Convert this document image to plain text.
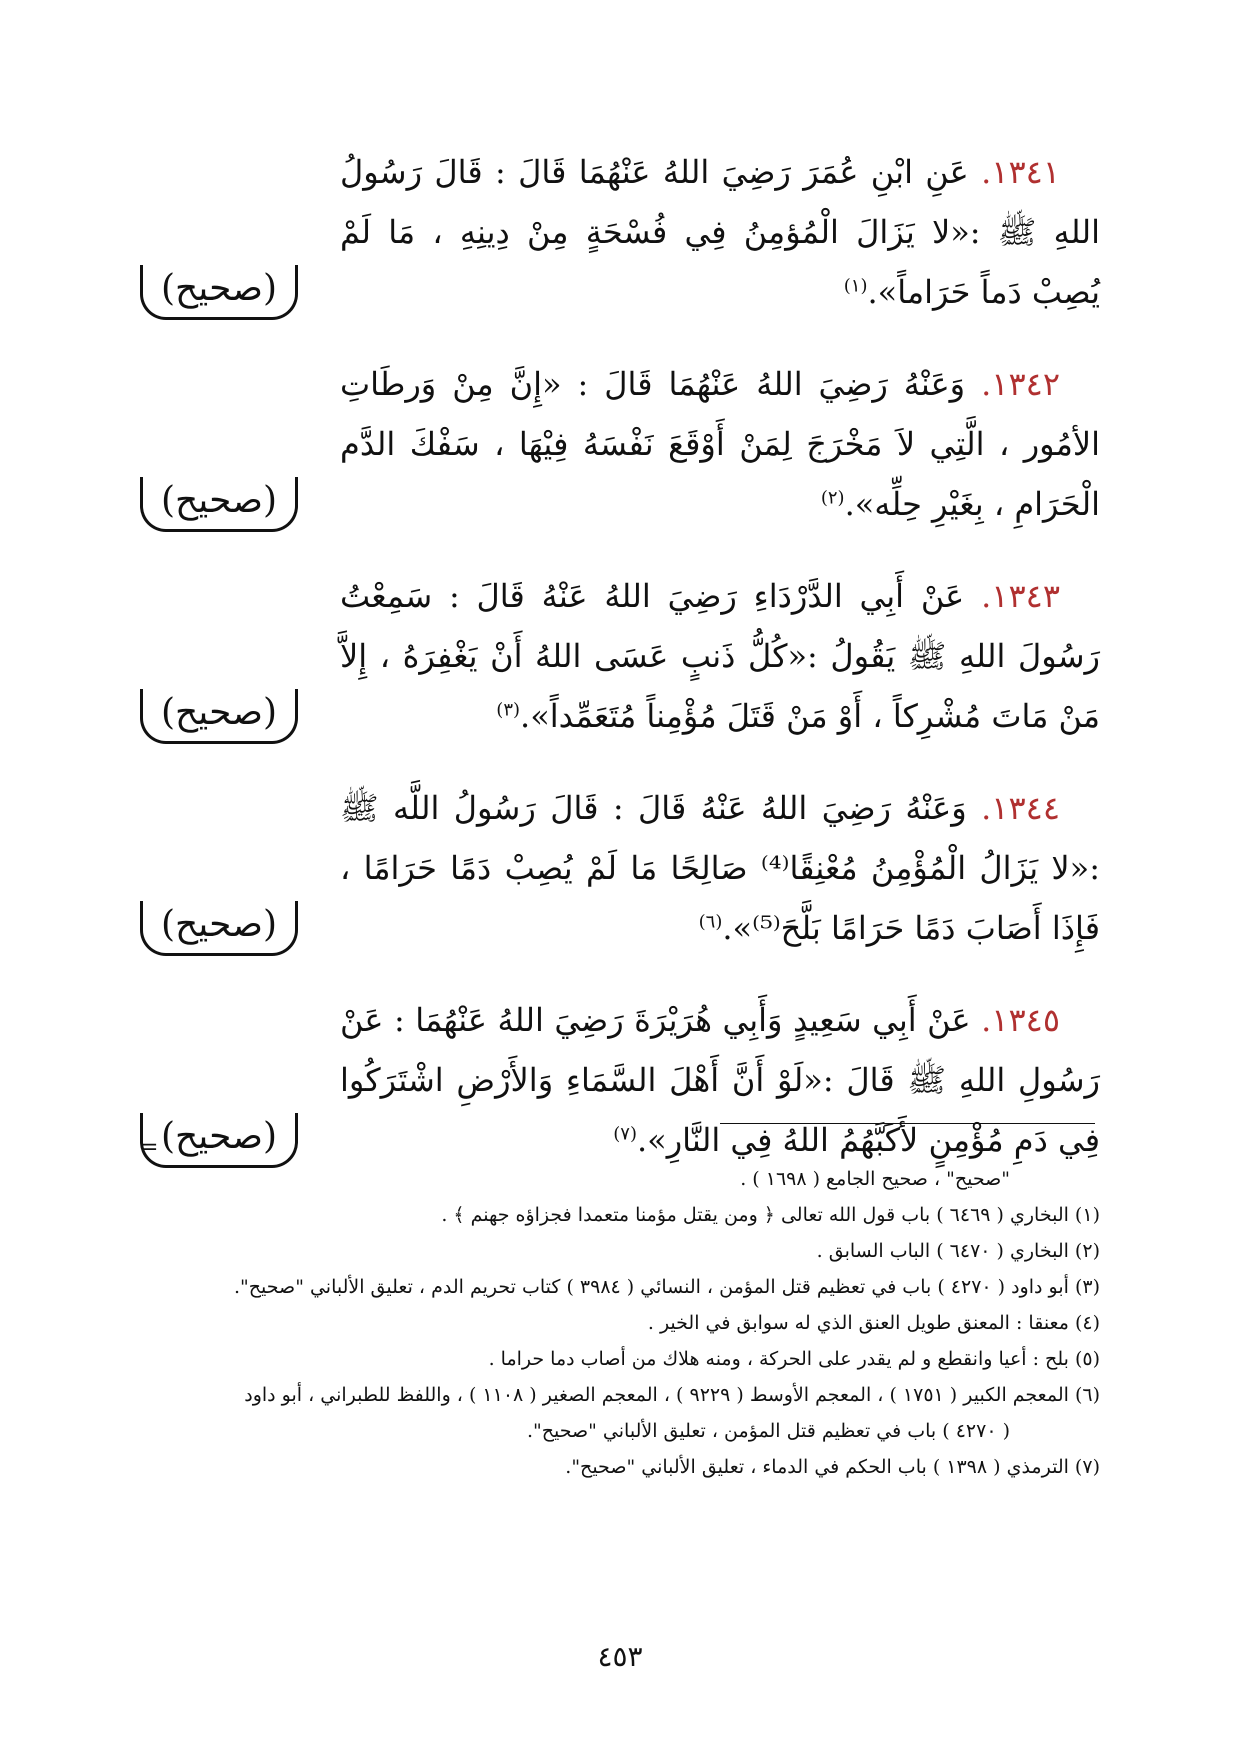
١٣٤١. عَنِ ابْنِ عُمَرَ رَضِيَ اللهُ عَنْهُمَا قَالَ : قَالَ رَسُولُ اللهِ ﷺ :«لا يَزَالَ الْمُؤمِنُ فِي فُسْحَةٍ مِنْ دِينِهِ ، مَا لَمْ يُصِبْ دَماً حَرَاماً».$^{(١)}$
(صحيح)

١٣٤٢. وَعَنْهُ رَضِيَ اللهُ عَنْهُمَا قَالَ : «إِنَّ مِنْ وَرطَاتِ الأمُور ، الَّتِي لاَ مَخْرَجَ لِمَنْ أَوْقَعَ نَفْسَهُ فِيْهَا ، سَفْكَ الدَّم الْحَرَامِ ، بِغَيْرِ حِلِّه».$^{(٢)}$
(صحيح)

١٣٤٣. عَنْ أَبِي الدَّرْدَاءِ رَضِيَ اللهُ عَنْهُ قَالَ : سَمِعْتُ رَسُولَ اللهِ ﷺ يَقُولُ :«كُلُّ ذَنبٍ عَسَى اللهُ أَنْ يَغْفِرَهُ ، إِلاَّ مَنْ مَاتَ مُشْرِكاً ، أَوْ مَنْ قَتَلَ مُؤْمِناً مُتَعَمِّداً».$^{(٣)}$
(صحيح)

١٣٤٤. وَعَنْهُ رَضِيَ اللهُ عَنْهُ قَالَ : قَالَ رَسُولُ اللَّه ﷺ :«لا يَزَالُ الْمُؤْمِنُ مُعْنِقًا⁽⁴⁾ صَالِحًا مَا لَمْ يُصِبْ دَمًا حَرَامًا ، فَإِذَا أَصَابَ دَمًا حَرَامًا بَلَّحَ⁽⁵⁾».$^{(٦)}$
(صحيح)

١٣٤٥. عَنْ أَبِي سَعِيدٍ وَأَبِي هُرَيْرَةَ رَضِيَ اللهُ عَنْهُمَا : عَنْ رَسُولِ اللهِ ﷺ قَالَ :«لَوْ أَنَّ أَهْلَ السَّمَاءِ وَالأَرْضِ اشْتَرَكُوا فِي دَمِ مُؤْمِنٍ لأَكَبَّهُمُ اللهُ فِي النَّارِ».$^{(٧)}$
(صحيح)

=
"صحيح" ، صحيح الجامع ( ١٦٩٨ ) .
(١) البخاري ( ٦٤٦٩ ) باب قول الله تعالى ﴿ ومن يقتل مؤمنا متعمدا فجزاؤه جهنم ﴾ .
(٢) البخاري ( ٦٤٧٠ ) الباب السابق .
(٣) أبو داود ( ٤٢٧٠ ) باب في تعظيم قتل المؤمن ، النسائي ( ٣٩٨٤ ) كتاب تحريم الدم ، تعليق الألباني "صحيح".
(٤) معنقا : المعنق طويل العنق الذي له سوابق في الخير .
(٥) بلح : أعيا وانقطع و لم يقدر على الحركة ، ومنه هلاك من أصاب دما حراما .
(٦) المعجم الكبير ( ١٧٥١ ) ، المعجم الأوسط ( ٩٢٢٩ ) ، المعجم الصغير ( ١١٠٨ ) ، واللفظ للطبراني ، أبو داود
( ٤٢٧٠ ) باب في تعظيم قتل المؤمن ، تعليق الألباني "صحيح".
(٧) الترمذي ( ١٣٩٨ ) باب الحكم في الدماء ، تعليق الألباني "صحيح".
٤٥٣
